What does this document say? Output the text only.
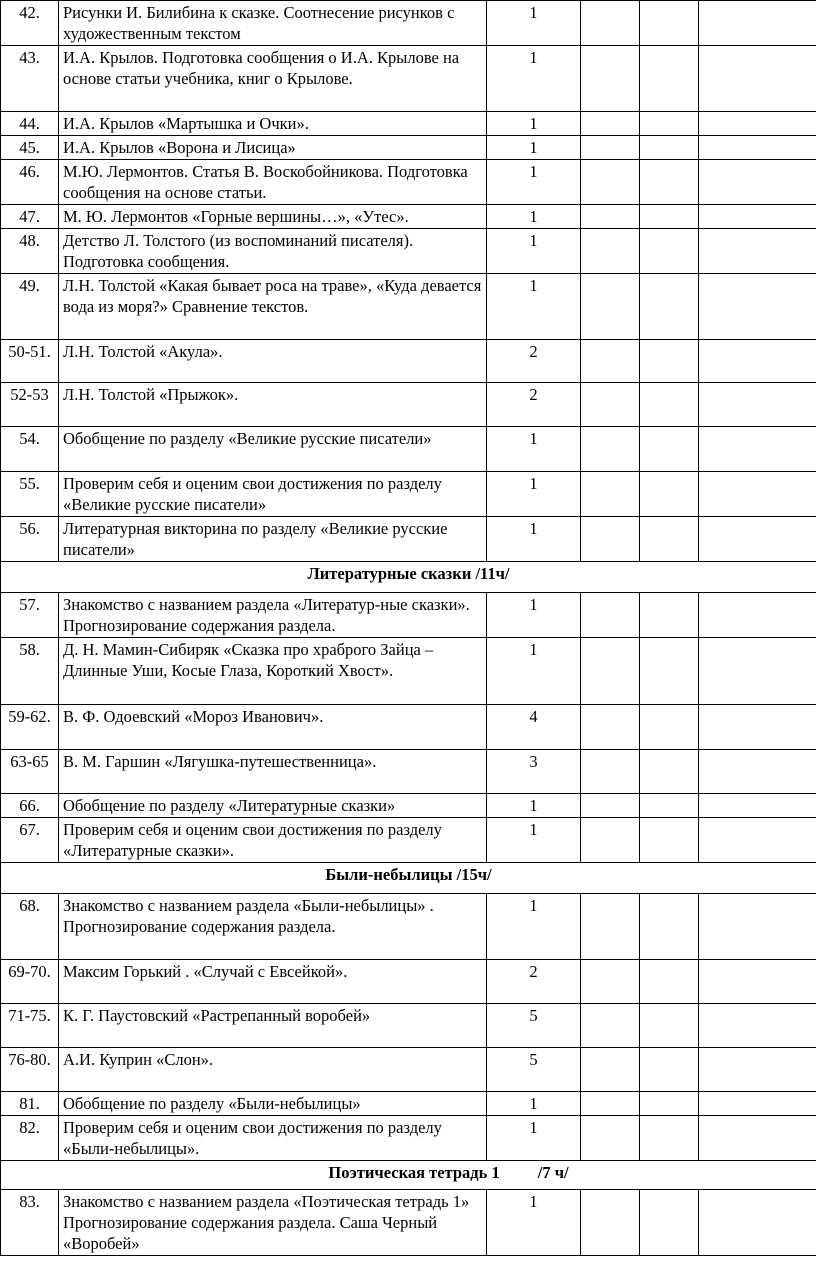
42.	Рисунки И. Билибина к сказке. Соотнесение рисунков с художественным текстом	1			
43.	И.А. Крылов. Подготовка сообщения о И.А. Крылове на основе статьи учебника, книг о Крылове.	1			
44.	И.А. Крылов «Мартышка и Очки».	1			
45.	И.А. Крылов «Ворона и Лисица»	1			
46.	М.Ю. Лермонтов. Статья В. Воскобойникова. Подготовка сообщения на основе статьи.	1			
47.	М. Ю. Лермонтов «Горные вершины…», «Утес».	1			
48.	Детство Л. Толстого (из воспоминаний писателя). Подготовка сообщения.	1			
49.	Л.Н. Толстой «Какая бывает роса на траве», «Куда девается вода из моря?» Сравнение текстов.	1			
50-51.	Л.Н. Толстой «Акула».	2			
52-53	Л.Н. Толстой «Прыжок».	2			
54.	Обобщение по разделу «Великие русские писатели»	1			
55.	Проверим себя и оценим свои достижения по разделу «Великие русские писатели»	1			
56.	Литературная викторина по разделу «Великие русские писатели»	1			
Литературные сказки /11ч/					
57.	Знакомство с названием раздела «Литератур-ные сказки». Прогнозирование содержания раздела.	1			
58.	Д. Н. Мамин-Сибиряк «Сказка про храброго Зайца – Длинные Уши, Косые Глаза, Короткий Хвост».	1			
59-62.	В. Ф. Одоевский «Мороз Иванович».	4			
63-65	В. М. Гаршин «Лягушка-путешественница».	3			
66.	Обобщение по разделу «Литературные сказки»	1			
67.	Проверим себя и оценим свои достижения по разделу «Литературные сказки».	1			
Были-небылицы /15ч/					
68.	Знакомство с названием раздела «Были-небылицы» . Прогнозирование содержания раздела.	1			
69-70.	Максим Горький . «Случай с Евсейкой».	2			
71-75.	К. Г. Паустовский «Растрепанный воробей»	5			
76-80.	А.И. Куприн «Слон».	5			
81.	Обобщение по разделу «Были-небылицы»	1			
82.	Проверим себя и оценим свои достижения по разделу «Были-небылицы».	1			
Поэтическая тетрадь 1 /7 ч/					
83.	Знакомство с названием раздела «Поэтическая тетрадь 1» Прогнозирование содержания раздела. Саша Черный «Воробей»	1			
